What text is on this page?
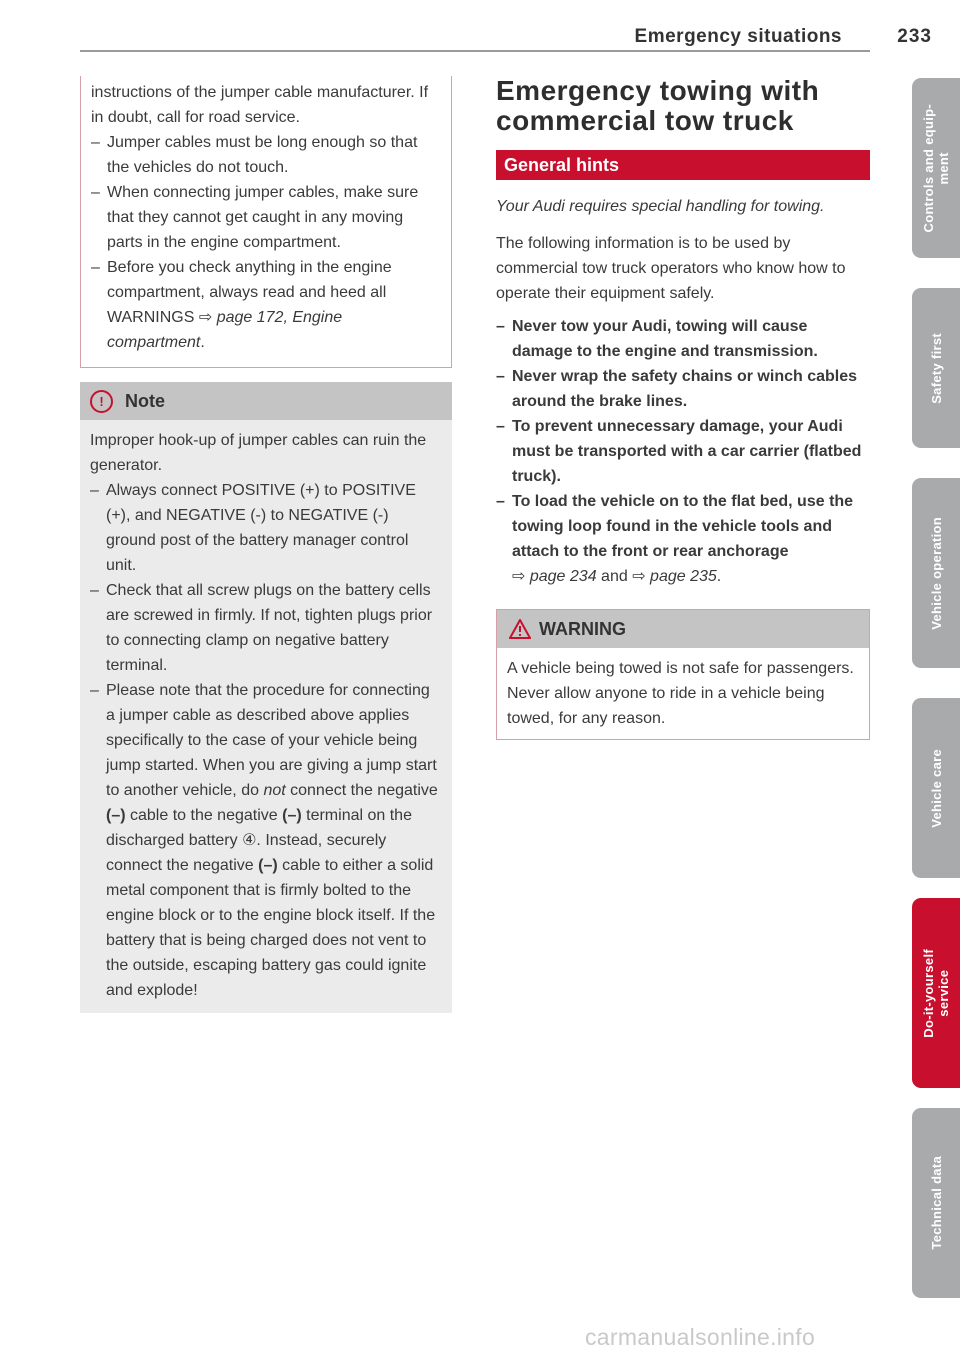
Emergency situations	233
instructions of the jumper cable manufacturer. If in doubt, call for road service.
– Jumper cables must be long enough so that the vehicles do not touch.
– When connecting jumper cables, make sure that they cannot get caught in any moving parts in the engine compartment.
– Before you check anything in the engine compartment, always read and heed all WARNINGS ⇨ page 172, Engine compartment.
!	Note
Improper hook-up of jumper cables can ruin the generator.
– Always connect POSITIVE (+) to POSITIVE (+), and NEGATIVE (-) to NEGATIVE (-) ground post of the battery manager control unit.
– Check that all screw plugs on the battery cells are screwed in firmly. If not, tighten plugs prior to connecting clamp on negative battery terminal.
– Please note that the procedure for connecting a jumper cable as described above applies specifically to the case of your vehicle being jump started. When you are giving a jump start to another vehicle, do not connect the negative (–) cable to the negative (–) terminal on the discharged battery ④. Instead, securely connect the negative (–) cable to either a solid metal component that is firmly bolted to the engine block or to the engine block itself. If the battery that is being charged does not vent to the outside, escaping battery gas could ignite and explode!
Emergency towing with commercial tow truck
General hints
Your Audi requires special handling for towing.
The following information is to be used by commercial tow truck operators who know how to operate their equipment safely.
– Never tow your Audi, towing will cause damage to the engine and transmission.
– Never wrap the safety chains or winch cables around the brake lines.
– To prevent unnecessary damage, your Audi must be transported with a car carrier (flatbed truck).
– To load the vehicle on to the flat bed, use the towing loop found in the vehicle tools and attach to the front or rear anchorage
⇨ page 234 and ⇨ page 235.
WARNING
A vehicle being towed is not safe for passengers. Never allow anyone to ride in a vehicle being towed, for any reason.
Controls and equip-
ment
Safety first
Vehicle operation
Vehicle care
Do-it-yourself
service
Technical data
carmanualsonline.info
